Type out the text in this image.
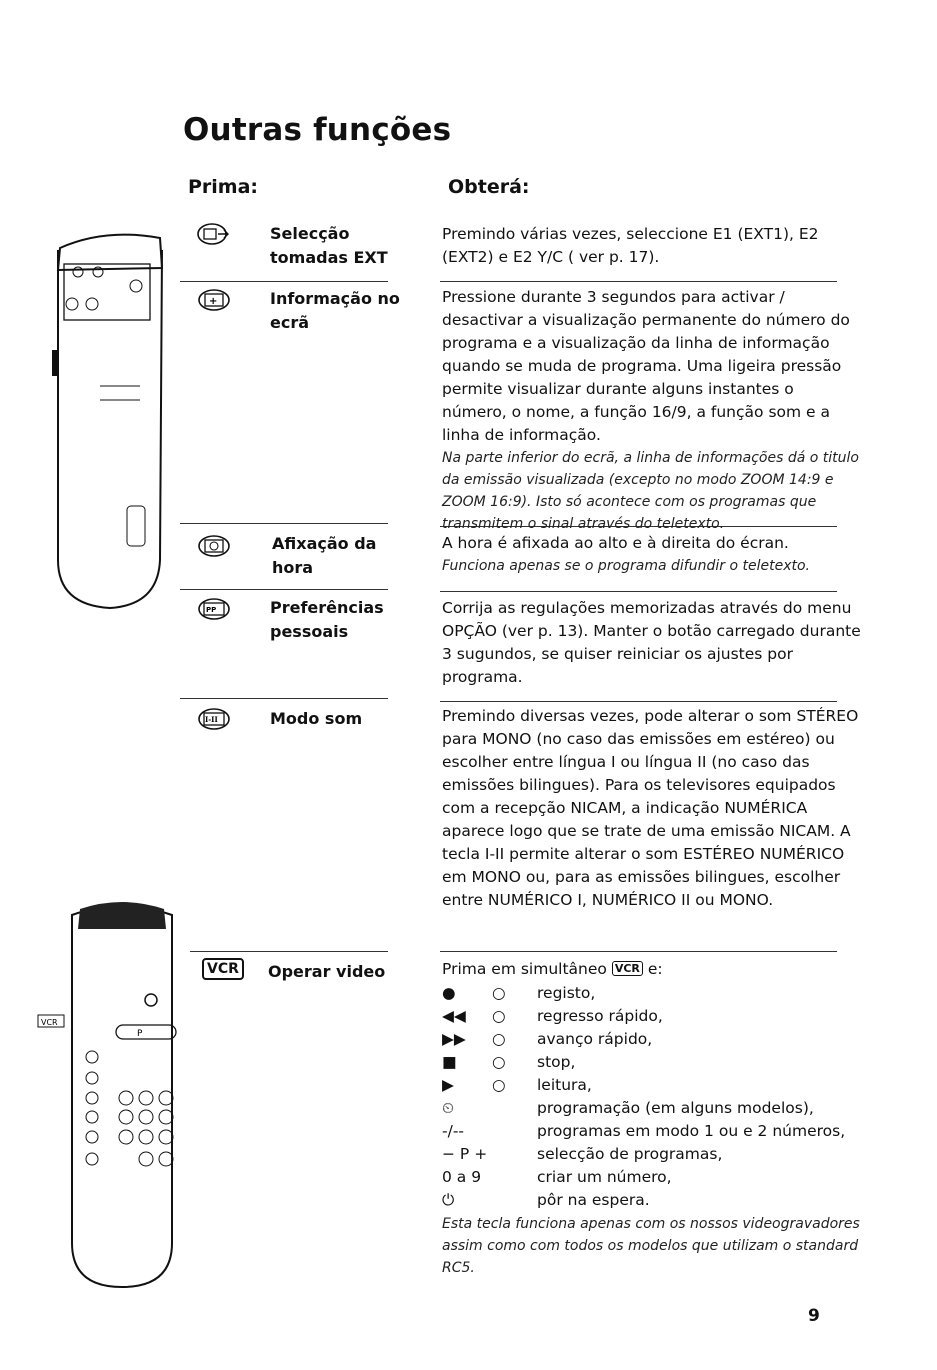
Outras funções
Prima:	Obterá:
P
VCR
Selecção tomadas EXT
Premindo várias vezes, seleccione E1 (EXT1), E2 (EXT2) e E2 Y/C ( ver p. 17).
+	Informação no ecrã
Pressione durante 3 segundos para activar / desactivar a visualização permanente do número do programa e a visualização da linha de informação quando se muda de programa. Uma ligeira pressão permite visualizar durante alguns instantes o número, o nome, a função 16/9, a função som e a linha de informação.
Na parte inferior do ecrã, a linha de informações dá o titulo da emissão visualizada (excepto no modo ZOOM 14:9 e ZOOM 16:9). Isto só acontece com os programas que transmitem o sinal através do teletexto.
Afixação da hora
A hora é afixada ao alto e à direita do écran.
Funciona apenas se o programa difundir o teletexto.
PP	Preferências pessoais
Corrija as regulações memorizadas através do menu OPÇÃO (ver p. 13). Manter o botão carregado durante 3 sugundos, se quiser reiniciar os ajustes por programa.
I-II	Modo som	Premindo diversas vezes, pode alterar o som STÉREO para MONO (no caso das emissões em estéreo) ou escolher entre língua I ou língua II (no caso das emissões bilingues). Para os televisores equipados com a recepção NICAM, a indicação NUMÉRICA aparece logo que se trate de uma emissão NICAM. A tecla I-II permite alterar o som ESTÉREO NUMÉRICO em MONO ou, para as emissões bilingues, escolher entre NUMÉRICO I, NUMÉRICO II ou MONO.
VCR	Operar video	Prima em simultâneo VCR e:
●	○ registo,
◀◀	○ regresso rápido,
▶▶	○ avanço rápido,
■	○ stop,
▶	○ leitura,
⏲	programação (em alguns modelos),
-/--	programas em modo 1 ou e 2 números,
− P +	selecção de programas,
0 a 9	criar um número,
⏻	pôr na espera.
Esta tecla funciona apenas com os nossos videogravadores assim como com todos os modelos que utilizam o standard RC5.
9
